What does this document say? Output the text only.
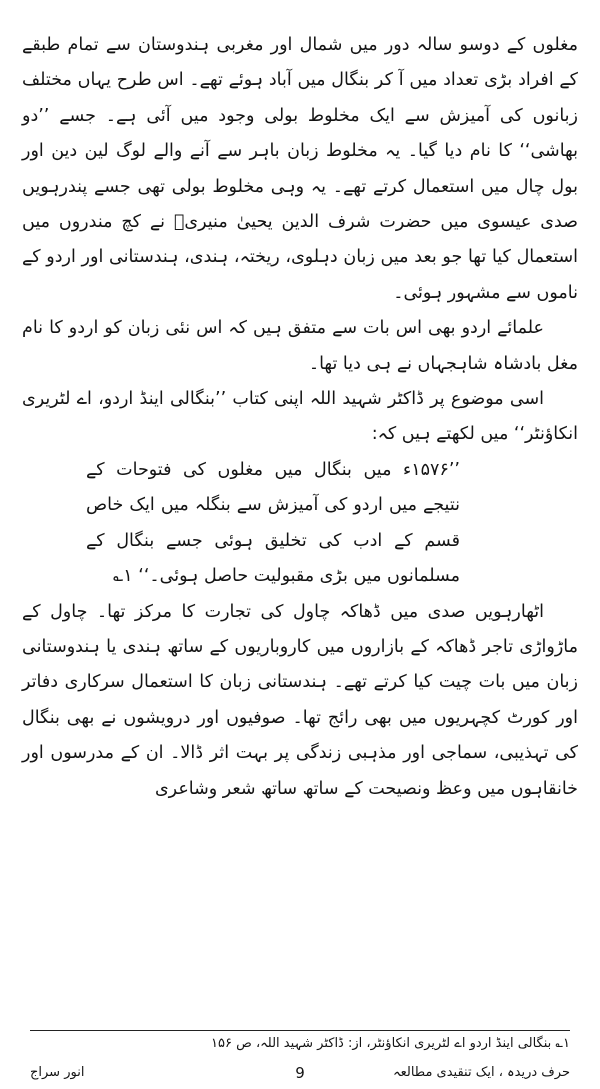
مغلوں کے دوسو سالہ دور میں شمال اور مغربی ہندوستان سے تمام طبقے کے افراد بڑی تعداد میں آ کر بنگال میں آباد ہوئے تھے۔ اس طرح یہاں مختلف زبانوں کی آمیزش سے ایک مخلوط بولی وجود میں آئی ہے۔ جسے ’’دو بھاشی‘‘ کا نام دیا گیا۔ یہ مخلوط زبان باہر سے آنے والے لوگ لین دین اور بول چال میں استعمال کرتے تھے۔ یہ وہی مخلوط بولی تھی جسے پندرہویں صدی عیسوی میں حضرت شرف الدین یحییٰ منیریؒ نے کچ مندروں میں استعمال کیا تھا جو بعد میں زبان دہلوی، ریختہ، ہندی، ہندستانی اور اردو کے ناموں سے مشہور ہوئی۔

علمائے اردو بھی اس بات سے متفق ہیں کہ اس نئی زبان کو اردو کا نام مغل بادشاہ شاہجہاں نے ہی دیا تھا۔

اسی موضوع پر ڈاکٹر شہید اللہ اپنی کتاب ’’بنگالی اینڈ اردو، اے لٹریری انکاؤنٹر‘‘ میں لکھتے ہیں کہ:

’’۱۵۷۶ء میں بنگال میں مغلوں کی فتوحات کے نتیجے میں اردو کی آمیزش سے بنگلہ میں ایک خاص قسم کے ادب کی تخلیق ہوئی جسے بنگال کے مسلمانوں میں بڑی مقبولیت حاصل ہوئی۔‘‘ ۱؎

اٹھارہویں صدی میں ڈھاکہ چاول کی تجارت کا مرکز تھا۔ چاول کے ماڑواڑی تاجر ڈھاکہ کے بازاروں میں کاروباریوں کے ساتھ ہندی یا ہندوستانی زبان میں بات چیت کیا کرتے تھے۔ ہندستانی زبان کا استعمال سرکاری دفاتر اور کورٹ کچہریوں میں بھی رائج تھا۔ صوفیوں اور درویشوں نے بھی بنگال کی تہذیبی، سماجی اور مذہبی زندگی پر بہت اثر ڈالا۔ ان کے مدرسوں اور خانقاہوں میں وعظ ونصیحت کے ساتھ ساتھ شعر وشاعری

۱؎ بنگالی اینڈ اردو اے لٹریری انکاؤنٹر، از: ڈاکٹر شہید اللہ، ص ۱۵۶
9	حرف دریدہ ، ایک تنقیدی مطالعہ
انور سراج
